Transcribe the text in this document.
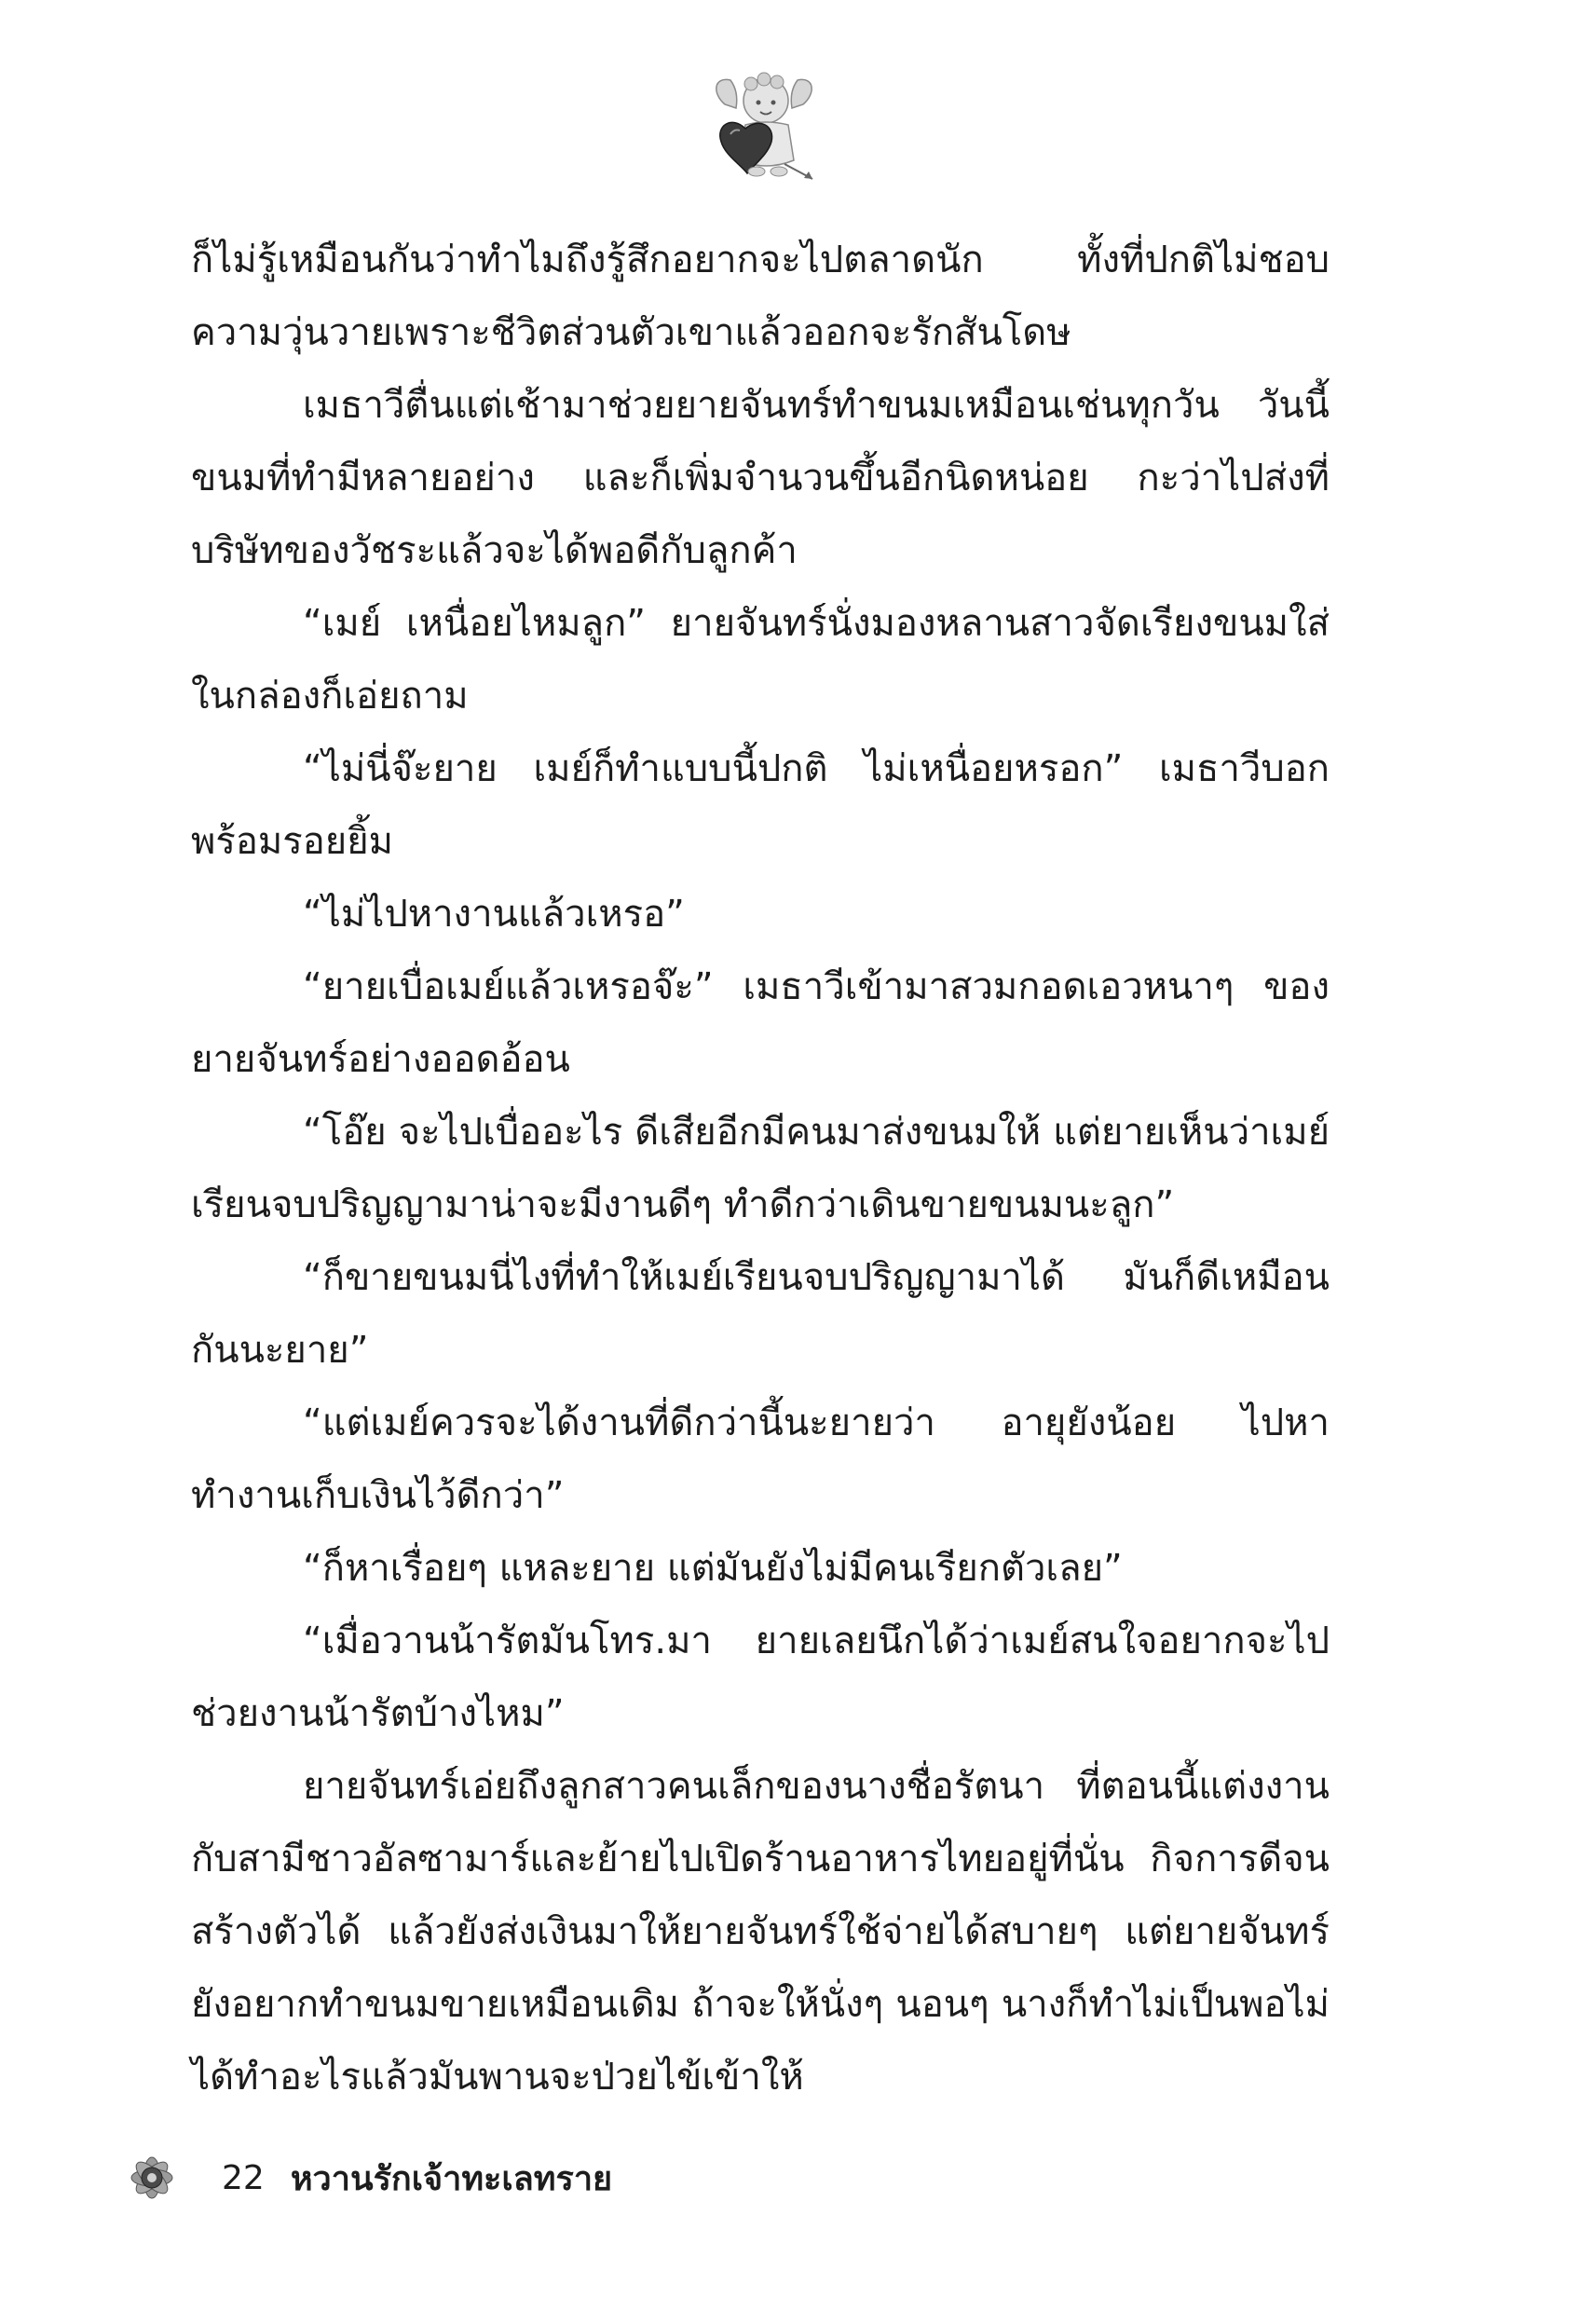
ก็ไม่รู้เหมือนกันว่าทำไมถึงรู้สึกอยากจะไปตลาดนัก ทั้งที่ปกติไม่ชอบความวุ่นวายเพราะชีวิตส่วนตัวเขาแล้วออกจะรักสันโดษ

เมธาวีตื่นแต่เช้ามาช่วยยายจันทร์ทำขนมเหมือนเช่นทุกวัน วันนี้ขนมที่ทำมีหลายอย่าง และก็เพิ่มจำนวนขึ้นอีกนิดหน่อย กะว่าไปส่งที่บริษัทของวัชระแล้วจะได้พอดีกับลูกค้า

“เมย์ เหนื่อยไหมลูก” ยายจันทร์นั่งมองหลานสาวจัดเรียงขนมใส่ในกล่องก็เอ่ยถาม

“ไม่นี่จ๊ะยาย เมย์ก็ทำแบบนี้ปกติ ไม่เหนื่อยหรอก” เมธาวีบอกพร้อมรอยยิ้ม

“ไม่ไปหางานแล้วเหรอ”

“ยายเบื่อเมย์แล้วเหรอจ๊ะ” เมธาวีเข้ามาสวมกอดเอวหนาๆ ของยายจันทร์อย่างออดอ้อน

“โอ๊ย จะไปเบื่ออะไร ดีเสียอีกมีคนมาส่งขนมให้ แต่ยายเห็นว่าเมย์เรียนจบปริญญามาน่าจะมีงานดีๆ ทำดีกว่าเดินขายขนมนะลูก”

“ก็ขายขนมนี่ไงที่ทำให้เมย์เรียนจบปริญญามาได้ มันก็ดีเหมือนกันนะยาย”

“แต่เมย์ควรจะได้งานที่ดีกว่านี้นะยายว่า อายุยังน้อย ไปหาทำงานเก็บเงินไว้ดีกว่า”

“ก็หาเรื่อยๆ แหละยาย แต่มันยังไม่มีคนเรียกตัวเลย”

“เมื่อวานน้ารัตมันโทร.มา ยายเลยนึกได้ว่าเมย์สนใจอยากจะไปช่วยงานน้ารัตบ้างไหม”

ยายจันทร์เอ่ยถึงลูกสาวคนเล็กของนางชื่อรัตนา ที่ตอนนี้แต่งงานกับสามีชาวอัลซามาร์และย้ายไปเปิดร้านอาหารไทยอยู่ที่นั่น กิจการดีจนสร้างตัวได้ แล้วยังส่งเงินมาให้ยายจันทร์ใช้จ่ายได้สบายๆ แต่ยายจันทร์ยังอยากทำขนมขายเหมือนเดิม ถ้าจะให้นั่งๆ นอนๆ นางก็ทำไม่เป็นพอไม่ได้ทำอะไรแล้วมันพานจะป่วยไข้เข้าให้

22 หวานรักเจ้าทะเลทราย
